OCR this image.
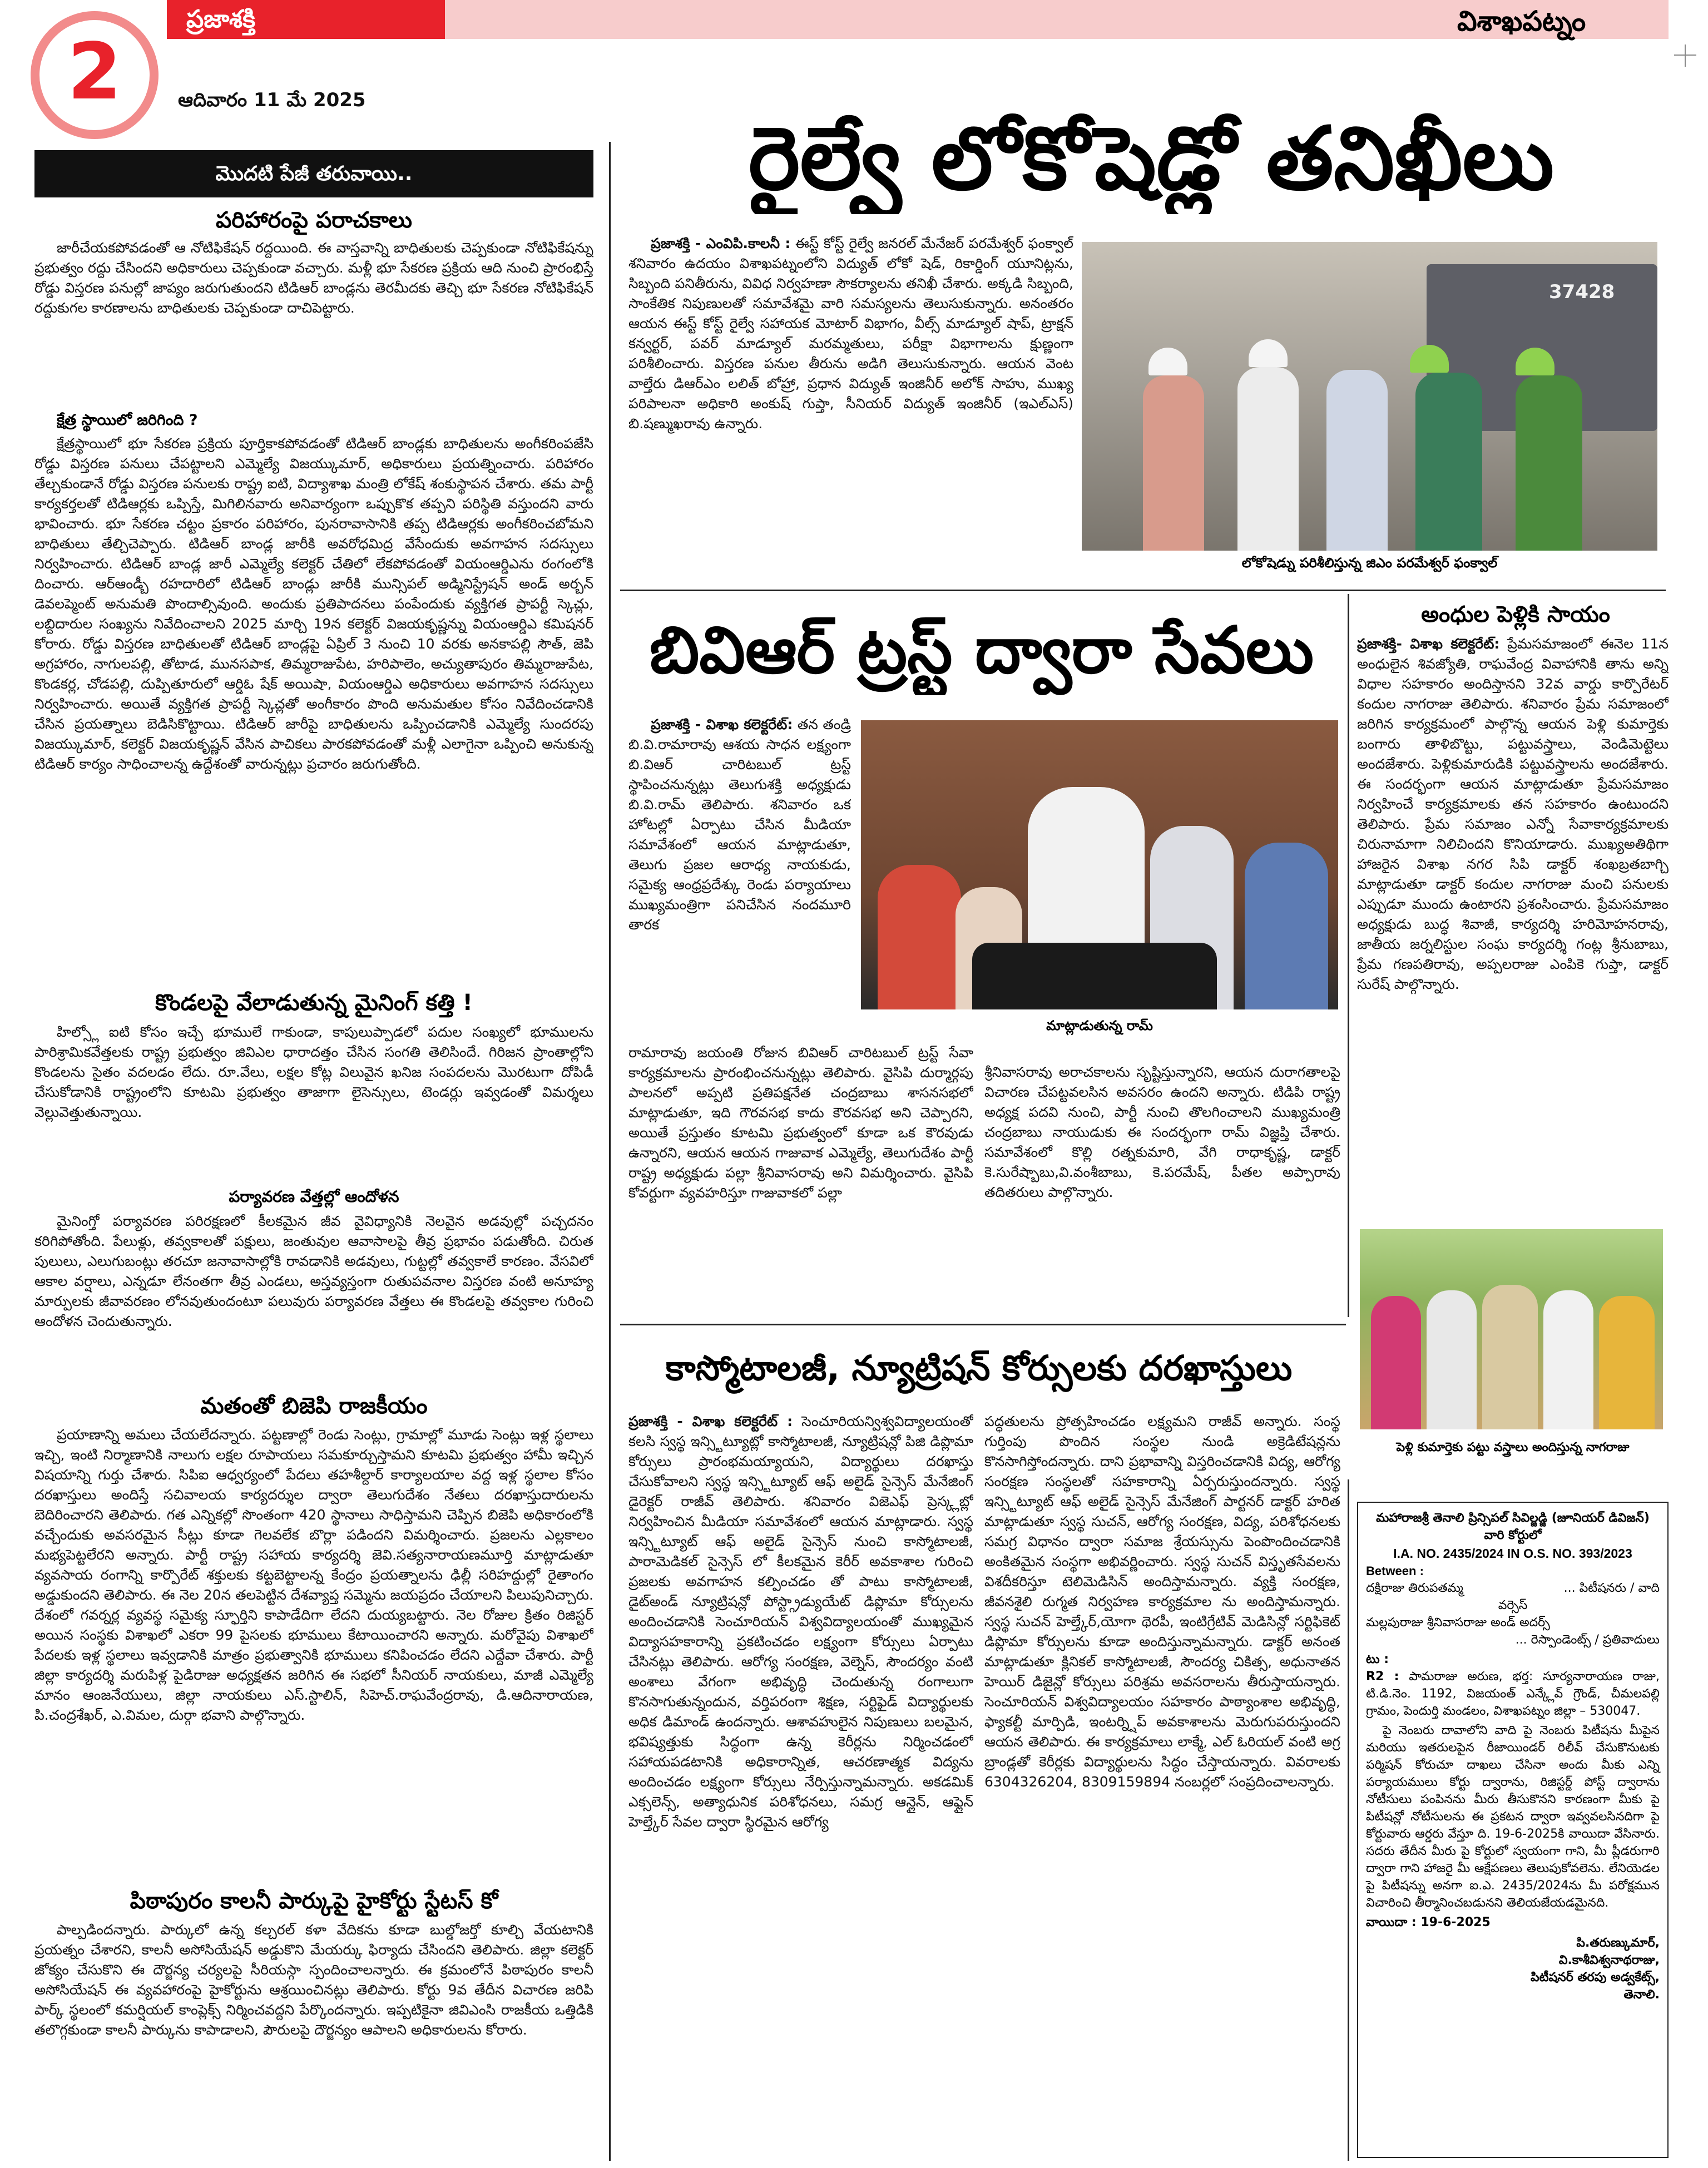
2
ప్రజాశక్తి
ఆదివారం 11 మే 2025
విశాఖపట్నం
మొదటి పేజీ తరువాయి..
పరిహారంపై పరాచకాలు

జారీచేయకపోవడంతో ఆ నోటిఫికేషన్ రద్దయింది. ఈ వాస్తవాన్ని బాధితులకు చెప్పకుండా నోటిఫికేషన్ను ప్రభుత్వం రద్దు చేసిందని అధికారులు చెప్పకుండా వచ్చారు. మళ్లీ భూ సేకరణ ప్రక్రియ ఆది నుంచి ప్రారంభిస్తే రోడ్డు విస్తరణ పనుల్లో జాప్యం జరుగుతుందని టిడిఆర్ బాండ్లను తెరమీదకు తెచ్చి భూ సేకరణ నోటిఫికేషన్ రద్దుకుగల కారణాలను బాధితులకు చెప్పకుండా దాచిపెట్టారు.

క్షేత్ర స్థాయిలో జరిగింది ?

క్షేత్రస్థాయిలో భూ సేకరణ ప్రక్రియ పూర్తికాకపోవడంతో టిడిఆర్ బాండ్లకు బాధితులను అంగీకరింపజేసి రోడ్డు విస్తరణ పనులు చేపట్టాలని ఎమ్మెల్యే విజయ్కుమార్, అధికారులు ప్రయత్నించారు. పరిహారం తేల్చకుండానే రోడ్డు విస్తరణ పనులకు రాష్ట్ర ఐటి, విద్యాశాఖ మంత్రి లోకేష్ శంకుస్థాపన చేశారు. తమ పార్టీ కార్యకర్తలతో టిడిఆర్లకు ఒప్పిస్తే, మిగిలినవారు అనివార్యంగా ఒప్పుకొక తప్పని పరిస్థితి వస్తుందని వారు భావించారు. భూ సేకరణ చట్టం ప్రకారం పరిహారం, పునరావాసానికి తప్ప టిడిఆర్లకు అంగీకరించబోమని బాధితులు తేల్చిచెప్పారు. టిడిఆర్ బాండ్ల జారీకి అవరోధమిద్ర వేసేందుకు అవగాహన సదస్సులు నిర్వహించారు. టిడిఆర్ బాండ్ల జారీ ఎమ్మెల్యే కలెక్టర్ చేతిలో లేకపోవడంతో వియంఆర్డిఎను రంగంలోకి దించారు. ఆర్ఆండ్బీ రహదారిలో టిడిఆర్ బాండ్లు జారీకి మున్సిపల్ అడ్మినిస్ట్రేషన్ అండ్ అర్బన్ డెవలప్మెంట్ అనుమతి పొందాల్సివుంది. అందుకు ప్రతిపాదనలు పంపేందుకు వ్యక్తిగత ప్రాపర్టీ స్కెచ్లు, లబ్దిదారుల సంఖ్యను నివేదించాలని 2025 మార్చి 19న కలెక్టర్ విజయకృష్ణన్ను వియంఆర్డిఎ కమిషనర్ కోరారు. రోడ్డు విస్తరణ బాధితులతో టిడిఆర్ బాండ్లపై ఏప్రిల్ 3 నుంచి 10 వరకు అనకాపల్లి సౌత్, జెపి అగ్రహారం, నాగులపల్లి, తోటాడ, మునసపాక, తిమ్మరాజుపేట, హరిపాలెం, అచ్యుతాపురం తిమ్మరాజుపేట, కొండకర్ల, చోడపల్లి, దుప్పితూరులో ఆర్డిఓ షేక్ అయిషా, వియంఆర్డిఎ అధికారులు అవగాహన సదస్సులు నిర్వహించారు. అయితే వ్యక్తిగత ప్రాపర్టీ స్కెచ్లతో అంగీకారం పొంది అనుమతుల కోసం నివేదించడానికి చేసిన ప్రయత్నాలు బెడిసికొట్టాయి. టిడిఆర్ జారీపై బాధితులను ఒప్పించడానికి ఎమ్మెల్యే సుందరపు విజయ్కుమార్, కలెక్టర్ విజయకృష్ణన్ వేసిన పాచికలు పారకపోవడంతో మళ్లీ ఎలాగైనా ఒప్పించి అనుకున్న టిడిఆర్ కార్యం సాధించాలన్న ఉద్దేశంతో వారున్నట్లు ప్రచారం జరుగుతోంది.

కొండలపై వేలాడుతున్న మైనింగ్ కత్తి !

హిల్స్లో ఐటి కోసం ఇచ్చే భూములే గాకుండా, కాపులుప్పాడలో పదుల సంఖ్యలో భూములను పారిశ్రామికవేత్తలకు రాష్ట్ర ప్రభుత్వం జివిఎల ధారాదత్తం చేసిన సంగతి తెలిసిందే. గిరిజన ప్రాంతాల్లోని కొండలను సైతం వదలడం లేదు. రూ.వేలు, లక్షల కోట్ల విలువైన ఖనిజ సంపదలను మొరటుగా దోపిడీ చేసుకోడానికి రాష్ట్రంలోని కూటమి ప్రభుత్వం తాజాగా లైసెన్సులు, టెండర్లు ఇవ్వడంతో విమర్శలు వెల్లువెత్తుతున్నాయి.

పర్యావరణ వేత్తల్లో ఆందోళన

మైనింగ్తో పర్యావరణ పరిరక్షణలో కీలకమైన జీవ వైవిధ్యానికి నెలవైన అడవుల్లో పచ్చదనం కరిగిపోతోంది. పేలుళ్లు, తవ్వకాలతో పక్షులు, జంతువుల ఆవాసాలపై తీవ్ర ప్రభావం పడుతోంది. చిరుత పులులు, ఎలుగుబంట్లు తరచూ జనావాసాల్లోకి రావడానికి అడవులు, గుట్టల్లో తవ్వకాలే కారణం. వేసవిలో ఆకాల వర్షాలు, ఎన్నడూ లేనంతగా తీవ్ర ఎండలు, అస్తవ్యస్తంగా రుతుపవనాల విస్తరణ వంటి అనూహ్య మార్పులకు జీవావరణం లోనవుతుందంటూ పలువురు పర్యావరణ వేత్తలు ఈ కొండలపై తవ్వకాల గురించి ఆందోళన చెందుతున్నారు.

మతంతో బిజెపి రాజకీయం

ప్రయాణాన్ని అమలు చేయలేదన్నారు. పట్టణాల్లో రెండు సెంట్లు, గ్రామాల్లో మూడు సెంట్లు ఇళ్ల స్థలాలు ఇచ్చి, ఇంటి నిర్మాణానికి నాలుగు లక్షల రూపాయలు సమకూర్చుస్తామని కూటమి ప్రభుత్వం హామీ ఇచ్చిన విషయాన్ని గుర్తు చేశారు. సిపిఐ ఆధ్వర్యంలో పేదలు తహశీల్దార్ కార్యాలయాల వద్ద ఇళ్ల స్థలాల కోసం దరఖాస్తులు అందిస్తే సచివాలయ కార్యదర్శుల ద్వారా తెలుగుదేశం నేతలు దరఖాస్తుదారులను బెదిరించారని తెలిపారు. గత ఎన్నికల్లో సొంతంగా 420 స్థానాలు సాధిస్తామని చెప్పిన బిజెపి అధికారంలోకి వచ్చేందుకు అవసరమైన సీట్లు కూడా గెలవలేక బొర్లా పడిందని విమర్శించారు. ప్రజలను ఎల్లకాలం మభ్యపెట్టలేరని అన్నారు. పార్టీ రాష్ట్ర సహాయ కార్యదర్శి జెవి.సత్యనారాయణమూర్తి మాట్లాడుతూ వ్యవసాయ రంగాన్ని కార్పొరేట్ శక్తులకు కట్టబెట్టాలన్న కేంద్రం ప్రయత్నాలను ఢిల్లీ సరిహద్దుల్లో రైతాంగం అడ్డుకుందని తెలిపారు. ఈ నెల 20న తలపెట్టిన దేశవ్యాప్త సమ్మెను జయప్రదం చేయాలని పిలుపునిచ్చారు. దేశంలో గవర్నర్ల వ్యవస్థ సమైక్య స్ఫూర్తిని కాపాడేదిగా లేదని దుయ్యబట్టారు. నెల రోజుల క్రితం రిజిస్టర్ అయిన సంస్థకు విశాఖలో ఎకరా 99 పైసలకు భూములు కేటాయించారని అన్నారు. మరోవైపు విశాఖలో పేదలకు ఇళ్ల స్థలాలు ఇవ్వడానికి మాత్రం ప్రభుత్వానికి భూములు కనిపించడం లేదని ఎద్దేవా చేశారు. పార్టీ జిల్లా కార్యదర్శి మరుపిళ్ల పైడిరాజు అధ్యక్షతన జరిగిన ఈ సభలో సీనియర్ నాయకులు, మాజీ ఎమ్మెల్యే మానం ఆంజనేయులు, జిల్లా నాయకులు ఎస్.స్టాలిన్, సిహెచ్.రాఘవేంద్రరావు, డి.ఆదినారాయణ, పి.చంద్రశేఖర్, ఎ.విమల, దుర్గా భవాని పాల్గొన్నారు.

పిఠాపురం కాలనీ పార్కుపై హైకోర్టు స్టేటస్ కో

పాల్పడిందన్నారు. పార్కులో ఉన్న కల్చరల్ కళా వేదికను కూడా బుల్డోజర్తో కూల్చి వేయటానికి ప్రయత్నం చేశారని, కాలనీ అసోసియేషన్ అడ్డుకొని మేయర్కు ఫిర్యాదు చేసిందని తెలిపారు. జిల్లా కలెక్టర్ జోక్యం చేసుకొని ఈ దౌర్జన్య చర్యలపై సీరియస్గా స్పందించాలన్నారు. ఈ క్రమంలోనే పిఠాపురం కాలనీ అసోసియేషన్ ఈ వ్యవహారంపై హైకోర్టును ఆశ్రయించినట్లు తెలిపారు. కోర్టు 9వ తేదీన విచారణ జరిపి పార్క్ స్థలంలో కమర్షియల్ కాంప్లెక్స్ నిర్మించవద్దని పేర్కొందన్నారు. ఇప్పటికైనా జివిఎంసి రాజకీయ ఒత్తిడికి తలొగ్గకుండా కాలనీ పార్కును కాపాడాలని, పౌరులపై దౌర్జన్యం ఆపాలని అధికారులను కోరారు.

రైల్వే లోకోషెడ్లో తనిఖీలు

ప్రజాశక్తి - ఎంవిపి.కాలనీ : ఈస్ట్ కోస్ట్ రైల్వే జనరల్ మేనేజర్ పరమేశ్వర్ ఫంక్వాల్ శనివారం ఉదయం విశాఖపట్నంలోని విద్యుత్ లోకో షెడ్, రికార్డింగ్ యూనిట్లను, సిబ్బంది పనితీరును, వివిధ నిర్వహణా సౌకర్యాలను తనిఖీ చేశారు. అక్కడి సిబ్బంది, సాంకేతిక నిపుణులతో సమావేశమై వారి సమస్యలను తెలుసుకున్నారు. అనంతరం ఆయన ఈస్ట్ కోస్ట్ రైల్వే సహాయక మోటార్ విభాగం, వీల్స్ మాడ్యూల్ షాప్, ట్రాక్షన్ కన్వర్టర్, పవర్ మాడ్యూల్ మరమ్మతులు, పరీక్షా విభాగాలను క్షుణ్ణంగా పరిశీలించారు. విస్తరణ పనుల తీరును అడిగి తెలుసుకున్నారు. ఆయన వెంట వాల్తేరు డిఆర్ఎం లలిత్ బోహ్రా, ప్రధాన విద్యుత్ ఇంజినీర్ అలోక్ సాహు, ముఖ్య పరిపాలనా అధికారి అంకుష్ గుప్తా, సీనియర్ విద్యుత్ ఇంజినీర్ (ఇఎల్ఎస్) బి.షణ్ముఖరావు ఉన్నారు.

37428
లోకోషెడ్ను పరిశీలిస్తున్న జిఎం పరమేశ్వర్ ఫంక్వాల్
బివిఆర్ ట్రస్ట్ ద్వారా సేవలు

ప్రజాశక్తి - విశాఖ కలెక్టరేట్: తన తండ్రి బి.వి.రామారావు ఆశయ సాధన లక్ష్యంగా బి.విఆర్ చారిటబుల్ ట్రస్ట్ స్థాపించనున్నట్లు తెలుగుశక్తి అధ్యక్షుడు బి.వి.రామ్ తెలిపారు. శనివారం ఒక హోటల్లో ఏర్పాటు చేసిన మీడియా సమావేశంలో ఆయన మాట్లాడుతూ, తెలుగు ప్రజల ఆరాధ్య నాయకుడు, సమైక్య ఆంధ్రప్రదేశ్కు రెండు పర్యాయాలు ముఖ్యమంత్రిగా పనిచేసిన నందమూరి తారక

మాట్లాడుతున్న రామ్

రామారావు జయంతి రోజున బివిఆర్ చారిటబుల్ ట్రస్ట్ సేవా కార్యక్రమాలను ప్రారంభించనున్నట్లు తెలిపారు. వైసిపి దుర్మార్గపు పాలనలో అప్పటి ప్రతిపక్షనేత చంద్రబాబు శాసనసభలో మాట్లాడుతూ, ఇది గౌరవసభ కాదు కౌరవసభ అని చెప్పారని, అయితే ప్రస్తుతం కూటమి ప్రభుత్వంలో కూడా ఒక కౌరవుడు ఉన్నారని, ఆయన ఆయన గాజువాక ఎమ్మెల్యే, తెలుగుదేశం పార్టీ రాష్ట్ర అధ్యక్షుడు పల్లా శ్రీనివాసరావు అని విమర్శించారు. వైసిపి కోవర్టుగా వ్యవహరిస్తూ గాజువాకలో పల్లా

శ్రీనివాసరావు అరాచకాలను సృష్టిస్తున్నారని, ఆయన దురాగతాలపై విచారణ చేపట్టవలసిన అవసరం ఉందని అన్నారు. టిడిపి రాష్ట్ర అధ్యక్ష పదవి నుంచి, పార్టీ నుంచి తొలగించాలని ముఖ్యమంత్రి చంద్రబాబు నాయుడుకు ఈ సందర్భంగా రామ్ విజ్ఞప్తి చేశారు. సమావేశంలో కొల్లి రత్నకుమారి, వేగి రాధాకృష్ణ, డాక్టర్ కె.సురేష్బాబు,వి.వంశీబాబు, కె.పరమేష్, పీతల అప్పారావు తదితరులు పాల్గొన్నారు.

అంధుల పెళ్లికి సాయం

ప్రజాశక్తి- విశాఖ కలెక్టరేట్: ప్రేమసమాజంలో ఈనెల 11న అంధులైన శివజ్యోతి, రాఘవేంద్ర వివాహానికి తాను అన్ని విధాల సహకారం అందిస్తానని 32వ వార్డు కార్పొరేటర్ కందుల నాగరాజు తెలిపారు. శనివారం ప్రేమ సమాజంలో జరిగిన కార్యక్రమంలో పాల్గొన్న ఆయన పెళ్లి కుమార్తెకు బంగారు తాళిబొట్టు, పట్టువస్త్రాలు, వెండిమెట్టెలు అందజేశారు. పెళ్లికుమారుడికి పట్టువస్త్రాలను అందజేశారు. ఈ సందర్భంగా ఆయన మాట్లాడుతూ ప్రేమసమాజం నిర్వహించే కార్యక్రమాలకు తన సహకారం ఉంటుందని తెలిపారు. ప్రేమ సమాజం ఎన్నో సేవాకార్యక్రమాలకు చిరునామాగా నిలిచిందని కొనియాడారు. ముఖ్యఅతిథిగా హాజరైన విశాఖ నగర సిపి డాక్టర్ శంఖబ్రతబాగ్చి మాట్లాడుతూ డాక్టర్ కందుల నాగరాజు మంచి పనులకు ఎప్పుడూ ముందు ఉంటారని ప్రశంసించారు. ప్రేమసమాజం అధ్యక్షుడు బుద్ధ శివాజీ, కార్యదర్శి హరిమోహనరావు, జాతీయ జర్నలిస్టుల సంఘ కార్యదర్శి గంట్ల శ్రీనుబాబు, ప్రేమ గణపతిరావు, అప్పలరాజు ఎంపికె గుప్తా, డాక్టర్ సురేష్ పాల్గొన్నారు.

పెళ్లి కుమార్తెకు పట్టు వస్త్రాలు అందిస్తున్న నాగరాజు
కాస్మోటాలజీ, న్యూట్రిషన్ కోర్సులకు దరఖాస్తులు

ప్రజాశక్తి - విశాఖ కలెక్టరేట్ : సెంచూరియన్విశ్వవిద్యాలయంతో కలసి స్వస్థ ఇన్స్టిట్యూట్లో కాస్మోటాలజీ, న్యూట్రిషన్లో పిజి డిప్లొమా కోర్సులు ప్రారంభమయ్యాయని, విద్యార్థులు దరఖాస్తు చేసుకోవాలని స్వస్థ ఇన్స్టిట్యూట్ ఆఫ్ అలైడ్ సైన్సెస్ మేనేజింగ్ డైరెక్టర్ రాజీవ్ తెలిపారు. శనివారం విజెఎఫ్ ప్రెస్క్లబ్లో నిర్వహించిన మీడియా సమావేశంలో ఆయన మాట్లాడారు. స్వస్థ ఇన్స్టిట్యూట్ ఆఫ్ అలైడ్ సైన్సెస్ నుంచి కాస్మోటాలజీ, పారామెడికల్ సైన్సెస్ లో కీలకమైన కెరీర్ అవకాశాల గురించి ప్రజలకు అవగాహన కల్పించడం తో పాటు కాస్మోటాలజీ, డైట్అండ్ న్యూట్రిషన్లో పోస్ట్గ్రాడ్యుయేట్ డిప్లొమా కోర్సులను అందించడానికి సెంచూరియన్ విశ్వవిద్యాలయంతో ముఖ్యమైన విద్యాసహకారాన్ని ప్రకటించడం లక్ష్యంగా కోర్సులు ఏర్పాటు చేసినట్లు తెలిపారు. ఆరోగ్య సంరక్షణ, వెల్నెస్, సౌందర్యం వంటి అంశాలు వేగంగా అభివృద్ధి చెందుతున్న రంగాలుగా కొనసాగుతున్నందున, వర్తిపరంగా శిక్షణ, సర్టిఫైడ్ విద్యార్థులకు అధిక డిమాండ్ ఉందన్నారు. ఆశావహులైన నిపుణులు బలమైన, భవిష్యత్తుకు సిద్ధంగా ఉన్న కెరీర్లను నిర్మించడంలో సహాయపడటానికి అధికారాన్నిత, ఆచరణాత్మక విద్యను అందించడం లక్ష్యంగా కోర్సులు నేర్పిస్తున్నామన్నారు. అకడమిక్ ఎక్సలెన్స్, అత్యాధునిక పరిశోధనలు, సమగ్ర ఆన్లైన్, ఆఫ్లైన్ హెల్త్కేర్ సేవల ద్వారా స్థిరమైన ఆరోగ్య

పద్ధతులను ప్రోత్సహించడం లక్ష్యమని రాజీవ్ అన్నారు. సంస్థ గుర్తింపు పొందిన సంస్థల నుండి అక్రెడిటేషన్లను కొనసాగిస్తోందన్నారు. దాని ప్రభావాన్ని విస్తరించడానికి విద్య, ఆరోగ్య సంరక్షణ సంస్థలతో సహకారాన్ని ఏర్పరుస్తుందన్నారు. స్వస్థ ఇన్స్టిట్యూట్ ఆఫ్ అలైడ్ సైన్సెస్ మేనేజింగ్ పార్టనర్ డాక్టర్ హరిత మాట్లాడుతూ స్వస్థ సుచన్, ఆరోగ్య సంరక్షణ, విద్య, పరిశోధనలకు సమగ్ర విధానం ద్వారా సమాజ శ్రేయస్సును పెంపొందించడానికి అంకితమైన సంస్థగా అభివర్ణించారు. స్వస్థ సుచన్ విస్తృతసేవలను విశదీకరిస్తూ టెలిమెడిసిన్ అందిస్తామన్నారు. వ్యక్తి సంరక్షణ, జీవనశైలి రుగ్మత నిర్వహణ కార్యక్రమాల ను అందిస్తామన్నారు. స్వస్థ సుచన్ హెల్త్కేర్,యోగా థెరపీ, ఇంటిగ్రేటివ్ మెడిసిన్లో సర్టిఫికెట్ డిప్లొమా కోర్సులను కూడా అందిస్తున్నామన్నారు. డాక్టర్ అనంత మాట్లాడుతూ క్లినికల్ కాస్మోటాలజీ, సౌందర్య చికిత్స, అధునాతన హెయిర్ డిజైన్లో కోర్సులు పరిశ్రమ అవసరాలను తీరుస్తాయన్నారు. సెంచూరియన్ విశ్వవిద్యాలయం సహకారం పాఠ్యాంశాల అభివృద్ధి, ఫ్యాకల్టీ మార్పిడి, ఇంటర్న్షిప్ అవకాశాలను మెరుగుపరుస్తుందని ఆయన తెలిపారు. ఈ కార్యక్రమాలు లాక్మే, ఎల్ ఓరియల్ వంటి అగ్ర బ్రాండ్లతో కెరీర్లకు విద్యార్థులను సిద్ధం చేస్తాయన్నారు. వివరాలకు 6304326204, 8309159894 నంబర్లలో సంప్రదించాలన్నారు.

మహారాజశ్రీ తెనాలి ప్రిన్సిపల్ సివిల్జడ్జి (జూనియర్ డివిజన్) వారి కోర్టులో
I.A. NO. 2435/2024 IN O.S. NO. 393/2023
Between :
దక్షిరాజు తిరుపతమ్మ	... పిటీషనరు / వాది
వర్సెస్
మల్లపురాజు శ్రీనివాసరాజు అండ్ అదర్స్
... రెస్పాండెంట్స్ / ప్రతివాదులు
టు :
R2 : పామరాజు అరుణ, భర్త: సూర్యనారాయణ రాజు, టి.డి.నెం. 1192, విజయంత్ ఎన్క్లేవ్ గ్రౌండ్, చీమలపల్లి గ్రామం, పెందుర్తి మండలం, విశాఖపట్నం జిల్లా – 530047.
పై నెంబరు దావాలోని వాది పై నెంబరు పిటీషను మీపైన మరియు ఇతరులపైన రీజాయిండర్ రిలీవ్ చేసుకొనుటకు పర్మిషన్ కోరుచూ దాఖలు చేసినా అందు మీకు ఎన్ని పర్యాయములు కోర్టు ద్వారాను, రిజిస్టర్డ్ పోస్ట్ ద్వారాను నోటీసులు పంపినను మీరు తీసుకొనని కారణంగా మీకు పై పిటీషన్లో నోటీసులను ఈ ప్రకటన ద్వారా ఇవ్వవలసినదిగా పై కోర్టువారు ఆర్డరు వేస్తూ ది. 19-6-2025కి వాయిదా వేసినారు. సదరు తేదీన మీరు పై కోర్టులో స్వయంగా గాని, మీ ప్లీడరుగారి ద్వారా గాని హాజరై మీ ఆక్షేపణలు తెలుపుకోవలెను. లేనియెడల పై పిటీషన్ను అనగా ఐ.ఎ. 2435/2024ను మీ పరోక్షమున విచారించి తీర్మానించబడునని తెలియజేయడమైనది.
వాయిదా : 19-6-2025
పి.తరుణ్కుమార్,
వి.కాశీవిశ్వనాథరాజు,
పిటీషనర్ తరపు అడ్వకేట్స్,
తెనాలి.
